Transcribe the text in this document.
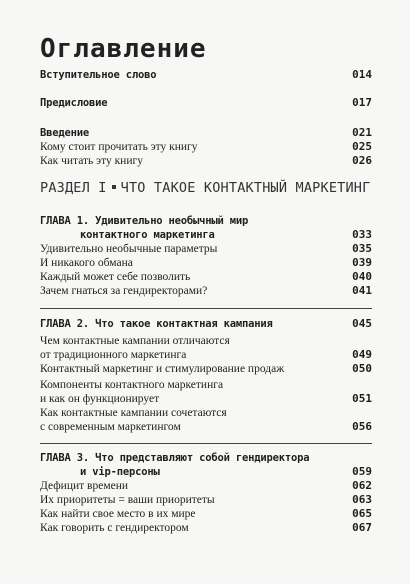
Оглавление
Вступительное слово	014
Предисловие	017
Введение	021
Кому стоит прочитать эту книгу	025
Как читать эту книгу	026
РАЗДЕЛ I ЧТО ТАКОЕ КОНТАКТНЫЙ МАРКЕТИНГ
ГЛАВА 1. Удивительно необычный мир
контактного маркетинга	033
Удивительно необычные параметры	035
И никакого обмана	039
Каждый может себе позволить	040
Зачем гнаться за гендиректорами?	041
ГЛАВА 2. Что такое контактная кампания	045
Чем контактные кампании отличаются
от традиционного маркетинга	049
Контактный маркетинг и стимулирование продаж	050
Компоненты контактного маркетинга
и как он функционирует	051
Как контактные кампании сочетаются
с современным маркетингом	056
ГЛАВА 3. Что представляют собой гендиректора
и vip-персоны	059
Дефицит времени	062
Их приоритеты = ваши приоритеты	063
Как найти свое место в их мире	065
Как говорить с гендиректором	067
